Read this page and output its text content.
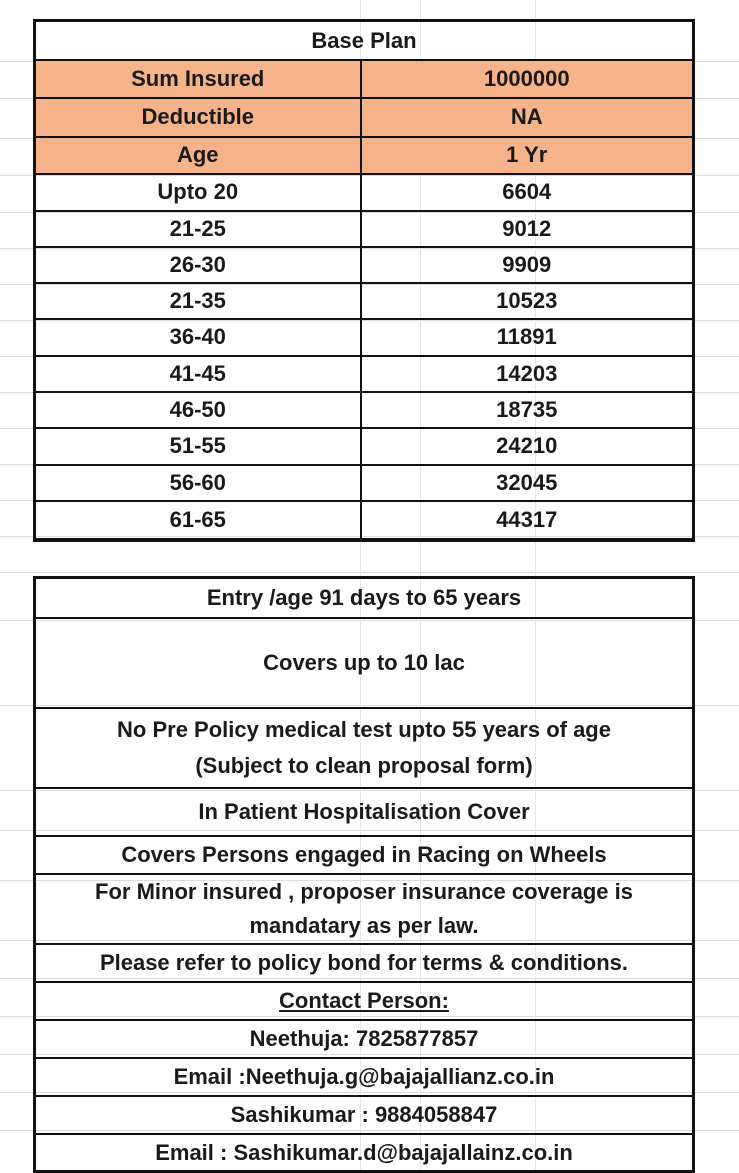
Base Plan	
Sum Insured	1000000
Deductible	NA
Age	1 Yr
Upto 20	6604
21-25	9012
26-30	9909
21-35	10523
36-40	11891
41-45	14203
46-50	18735
51-55	24210
56-60	32045
61-65	44317
Entry /age 91 days to 65 years
Covers up to 10 lac

No Pre Policy medical test upto 55 years of age
(Subject to clean proposal form)

In Patient Hospitalisation Cover
Covers Persons engaged in Racing on Wheels

For Minor insured , proposer insurance coverage is
mandatary as per law.

Please refer to policy bond for terms & conditions.
Contact Person:
Neethuja: 7825877857
Email :Neethuja.g@bajajallianz.co.in
Sashikumar : 9884058847
Email : Sashikumar.d@bajajallainz.co.in
